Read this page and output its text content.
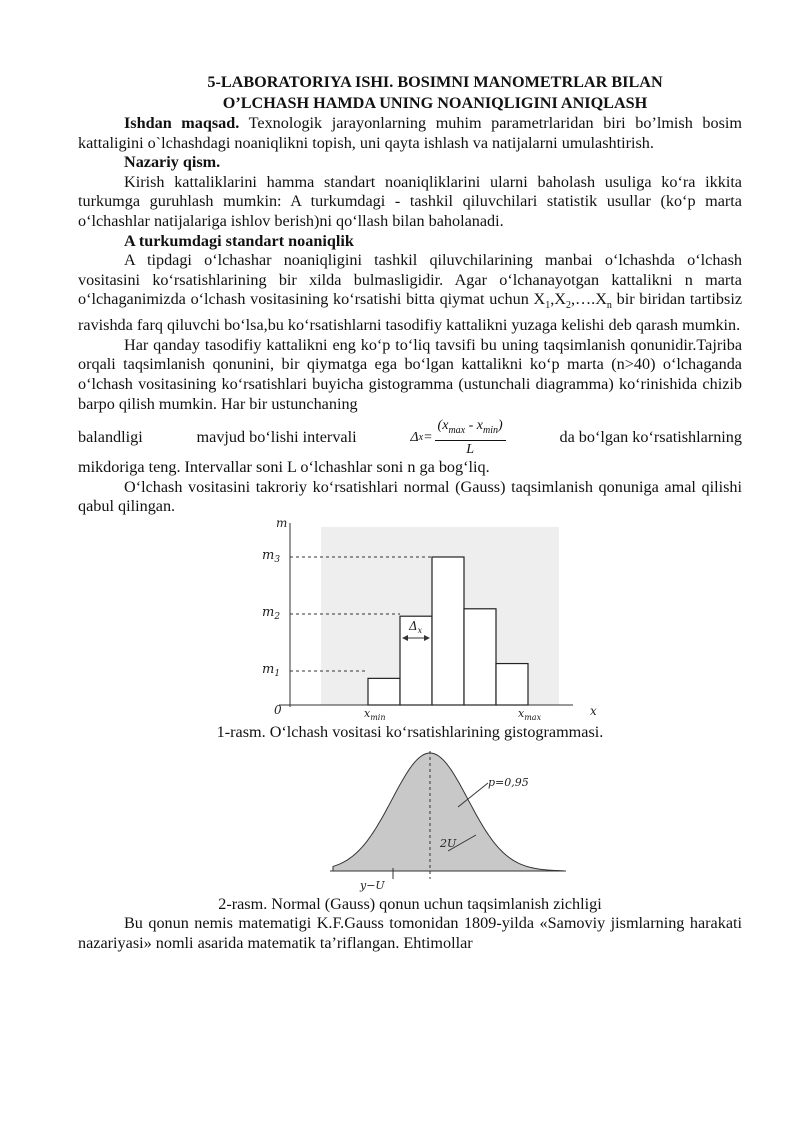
5-LABORATORIYA ISHI. BOSIMNI MANOMETRLAR BILAN
O’LCHASH HAMDA UNING NOANIQLIGINI ANIQLASH

Ishdan maqsad. Texnologik jarayonlarning muhim parametrlaridan biri bo’lmish bosim kattaligini o`lchashdagi noaniqlikni topish, uni qayta ishlash va natijalarni umulashtirish.

Nazariy qism.

Kirish kattaliklarini hamma standart noaniqliklarini ularni baholash usuliga ko‘ra ikkita turkumga guruhlash mumkin: A turkumdagi - tashkil qiluvchilari statistik usullar (ko‘p marta o‘lchashlar natijalariga ishlov berish)ni qo‘llash bilan baholanadi.

A turkumdagi standart noaniqlik

A tipdagi o‘lchashar noaniqligini tashkil qiluvchilarining manbai o‘lchashda o‘lchash vositasini ko‘rsatishlarining bir xilda bulmasligidir. Agar o‘lchanayotgan kattalikni n marta o‘lchaganimizda o‘lchash vositasining ko‘rsatishi bitta qiymat uchun $X_1,X_2,\dots.X_n$ bir biridan tartibsiz ravishda farq qiluvchi bo‘lsa,bu ko‘rsatishlarni tasodifiy kattalikni yuzaga kelishi deb qarash mumkin.

Har qanday tasodifiy kattalikni eng ko‘p to‘liq tavsifi bu uning taqsimlanish qonunidir.Tajriba orqali taqsimlanish qonunini, bir qiymatga ega bo‘lgan kattalikni ko‘p marta (n>40) o‘lchaganda o‘lchash vositasining ko‘rsatishlari buyicha gistogramma (ustunchali diagramma) ko‘rinishida chizib barpo qilish mumkin. Har bir ustunchaning

balandligi	mavjud bo‘lishi intervali	Δ $x = \frac{(x_{max} - x_{min})}{L}$	da bo‘lgan ko‘rsatishlarning

mikdoriga teng. Intervallar soni L o‘lchashlar soni n ga bog‘liq.

O‘lchash vositasini takroriy ko‘rsatishlari normal (Gauss) taqsimlanish qonuniga amal qilishi qabul qilingan.

m
$m_3$
$m_2$
$m_1$
0	$x_{min}$	$x_{max}$	x
$\Delta_x$

1-rasm. O‘lchash vositasi ko‘rsatishlarining gistogrammasi.

p=0,95
2U
y−U

2-rasm. Normal (Gauss) qonun uchun taqsimlanish zichligi

Bu qonun nemis matematigi K.F.Gauss tomonidan 1809-yilda «Samoviy jismlarning harakati nazariyasi» nomli asarida matematik ta’riflangan. Ehtimollar
